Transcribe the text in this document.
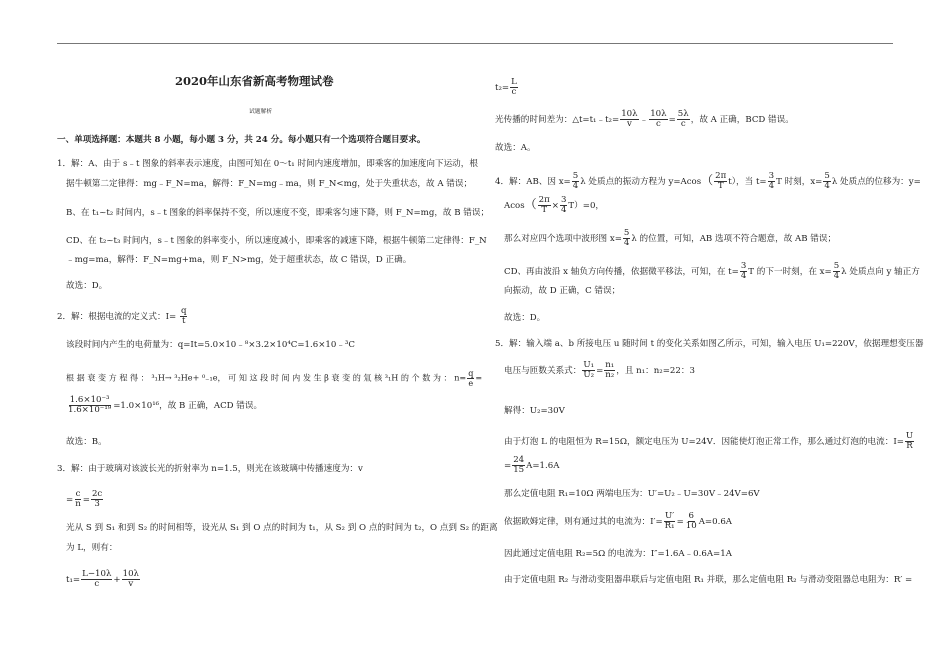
2020年山东省新高考物理试卷
试题解析
一、单项选择题：本题共 8 小题，每小题 3 分，共 24 分。每小题只有一个选项符合题目要求。
1．解：A、由于 s﹣t 图象的斜率表示速度，由图可知在 0～t₁ 时间内速度增加，即乘客的加速度向下运动，根
据牛顿第二定律得：mg﹣F_N=ma，解得：F_N=mg﹣ma，则 F_N<mg，处于失重状态，故 A 错误；
B、在 t₁~t₂ 时间内，s﹣t 图象的斜率保持不变，所以速度不变，即乘客匀速下降，则 F_N=mg，故 B 错误；
CD、在 t₂~t₃ 时间内，s﹣t 图象的斜率变小，所以速度减小，即乘客的减速下降，根据牛顿第二定律得：F_N
﹣mg=ma，解得：F_N=mg+ma，则 F_N>mg，处于超重状态，故 C 错误，D 正确。
故选：D。
2．解：根据电流的定义式：$I= \frac{q}{t}$
该段时间内产生的电荷量为：q=It=5.0×10﹣⁸×3.2×10⁴C=1.6×10﹣³C
根 据 衰 变 方 程 得 ： ³₁H→ ³₂He+ ⁰₋₁e， 可 知 这 段 时 间 内 发 生 β 衰 变 的 氚 核 ³₁H 的 个 数 为 ： $n= \frac{q}{e}$ =
$\frac{\text{1.6×10⁻³}}{\text{1.6×10⁻¹⁹}} =1.0\times 10^{16}$，故 B 正确，ACD 错误。
故选：B。
3．解：由于玻璃对该波长光的折射率为 n=1.5，则光在该玻璃中传播速度为：v
= $\frac{c}{n} = \frac{2c}{3}$
光从 S 到 S₁ 和到 S₂ 的时间相等，设光从 S₁ 到 O 点的时间为 t₁，从 S₂ 到 O 点的时间为 t₂，O 点到 S₂ 的距离
为 L，则有：
$t_1= \frac{L-10\lambda}{c} + \frac{10\lambda}{v}$
$t_2= \frac{L}{c}$
光传播的时间差为：△t=t₁﹣t₂= $\frac{10\lambda}{v}$ ﹣ $\frac{10\lambda}{c} = \frac{5\lambda}{c}$ ，故 A 正确，BCD 错误。
故选：A。
4．解：AB、因 $x= \frac{5}{4}$ λ 处质点的振动方程为 $y=Acos( \frac{2\pi}{T} t)$，当 $t= \frac{3}{4}$ T 时刻，$x= \frac{5}{4}$ λ 处质点的位移为：y=
$Acos( \frac{2\pi}{T} \times \frac{3}{4} T)=0$，
那么对应四个选项中波形图 $x= \frac{5}{4}$ λ 的位置，可知，AB 选项不符合题意，故 AB 错误；
CD、再由波沿 x 轴负方向传播，依据微平移法，可知，在 $t= \frac{3}{4}$ T 的下一时刻，在 $x= \frac{5}{4}$ λ 处质点向 y 轴正方
向振动，故 D 正确，C 错误；
故选：D。
5．解：输入端 a、b 所接电压 u 随时间 t 的变化关系如图乙所示，可知，输入电压 U₁=220V，依据理想变压器
电压与匝数关系式： $\frac{\text{U₁}}{\text{U₂}} = \frac{\text{n₁}}{\text{n₂}}$ ，且 n₁：n₂=22：3
解得：U₂=30V
由于灯泡 L 的电阻恒为 R=15Ω，额定电压为 U=24V．因能使灯泡正常工作，那么通过灯泡的电流：$I= \frac{U}{R}$
= $\frac{24}{15} A=1.6A$
那么定值电阻 R₁=10Ω 两端电压为：U′=U₂﹣U=30V﹣24V=6V
依据欧姆定律，则有通过其的电流为：$I'= \frac{U'}{\text{R₁}} = \frac{6}{10} A=0.6A$
因此通过定值电阻 R₂=5Ω 的电流为：I″=1.6A﹣0.6A=1A
由于定值电阻 R₂ 与滑动变阻器串联后与定值电阻 R₁ 并联，那么定值电阻 R₂ 与滑动变阻器总电阻为：R′ =
